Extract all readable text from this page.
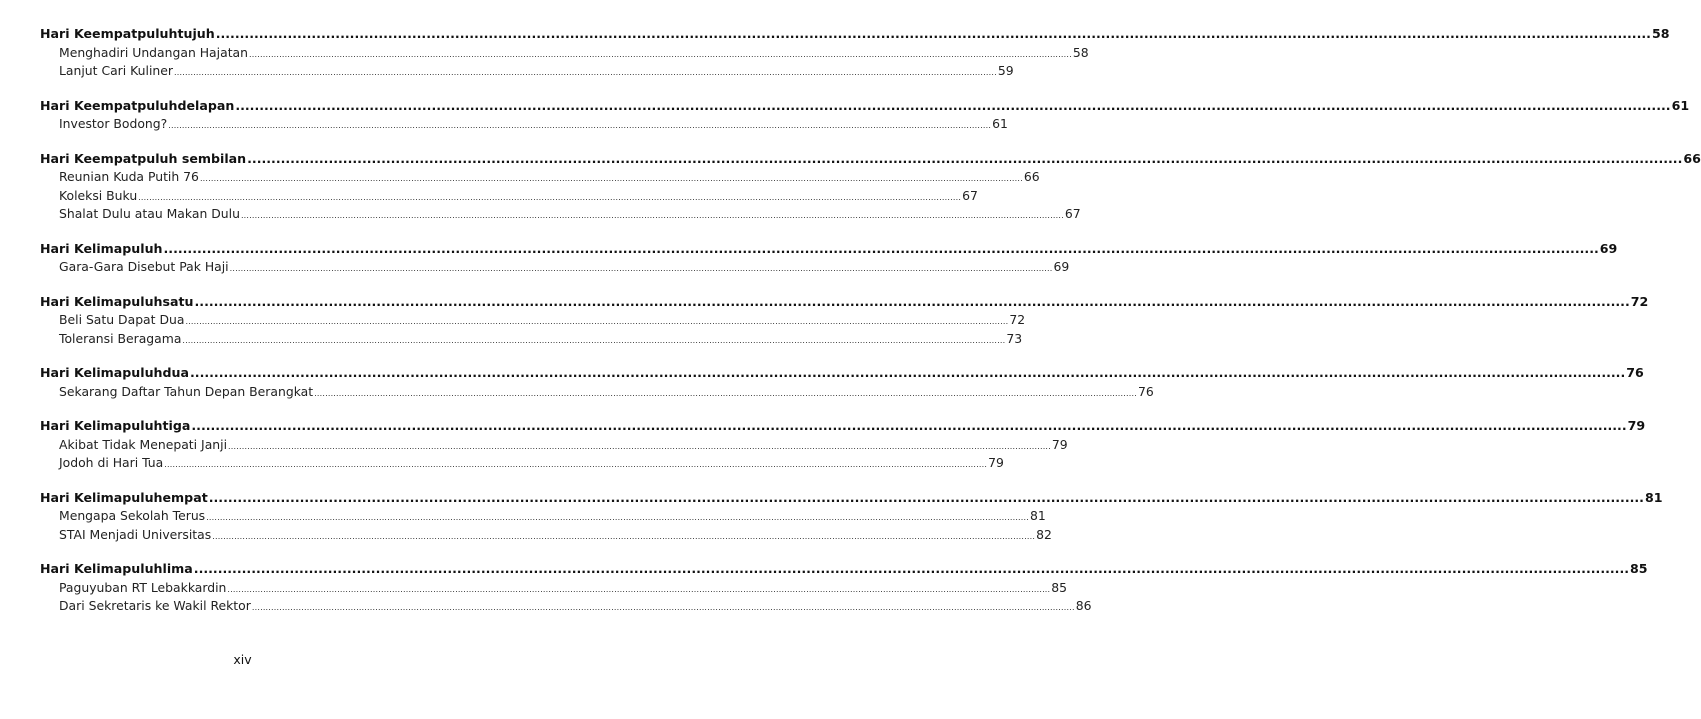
Hari Keempatpuluhtujuh ............................................................................................................................................................................................................................................................................................................ 58
Menghadiri Undangan Hajatan ............................................................................................................................................................................................................................................................................................................ 58
Lanjut Cari Kuliner ............................................................................................................................................................................................................................................................................................................ 59
Hari Keempatpuluhdelapan ............................................................................................................................................................................................................................................................................................................ 61
Investor Bodong? ............................................................................................................................................................................................................................................................................................................ 61
Hari Keempatpuluh sembilan ............................................................................................................................................................................................................................................................................................................ 66
Reunian Kuda Putih 76 ............................................................................................................................................................................................................................................................................................................ 66
Koleksi Buku ............................................................................................................................................................................................................................................................................................................ 67
Shalat Dulu atau Makan Dulu ............................................................................................................................................................................................................................................................................................................ 67
Hari Kelimapuluh ............................................................................................................................................................................................................................................................................................................ 69
Gara-Gara Disebut Pak Haji ............................................................................................................................................................................................................................................................................................................ 69
Hari Kelimapuluhsatu ............................................................................................................................................................................................................................................................................................................ 72
Beli Satu Dapat Dua ............................................................................................................................................................................................................................................................................................................ 72
Toleransi Beragama ............................................................................................................................................................................................................................................................................................................ 73
Hari Kelimapuluhdua ............................................................................................................................................................................................................................................................................................................ 76
Sekarang Daftar Tahun Depan Berangkat ............................................................................................................................................................................................................................................................................................................ 76
Hari Kelimapuluhtiga ............................................................................................................................................................................................................................................................................................................ 79
Akibat Tidak Menepati Janji ............................................................................................................................................................................................................................................................................................................ 79
Jodoh di Hari Tua ............................................................................................................................................................................................................................................................................................................ 79
Hari Kelimapuluhempat ............................................................................................................................................................................................................................................................................................................ 81
Mengapa Sekolah Terus ............................................................................................................................................................................................................................................................................................................ 81
STAI Menjadi Universitas ............................................................................................................................................................................................................................................................................................................ 82
Hari Kelimapuluhlima ............................................................................................................................................................................................................................................................................................................ 85
Paguyuban RT Lebakkardin ............................................................................................................................................................................................................................................................................................................ 85
Dari Sekretaris ke Wakil Rektor ............................................................................................................................................................................................................................................................................................................ 86
xiv
